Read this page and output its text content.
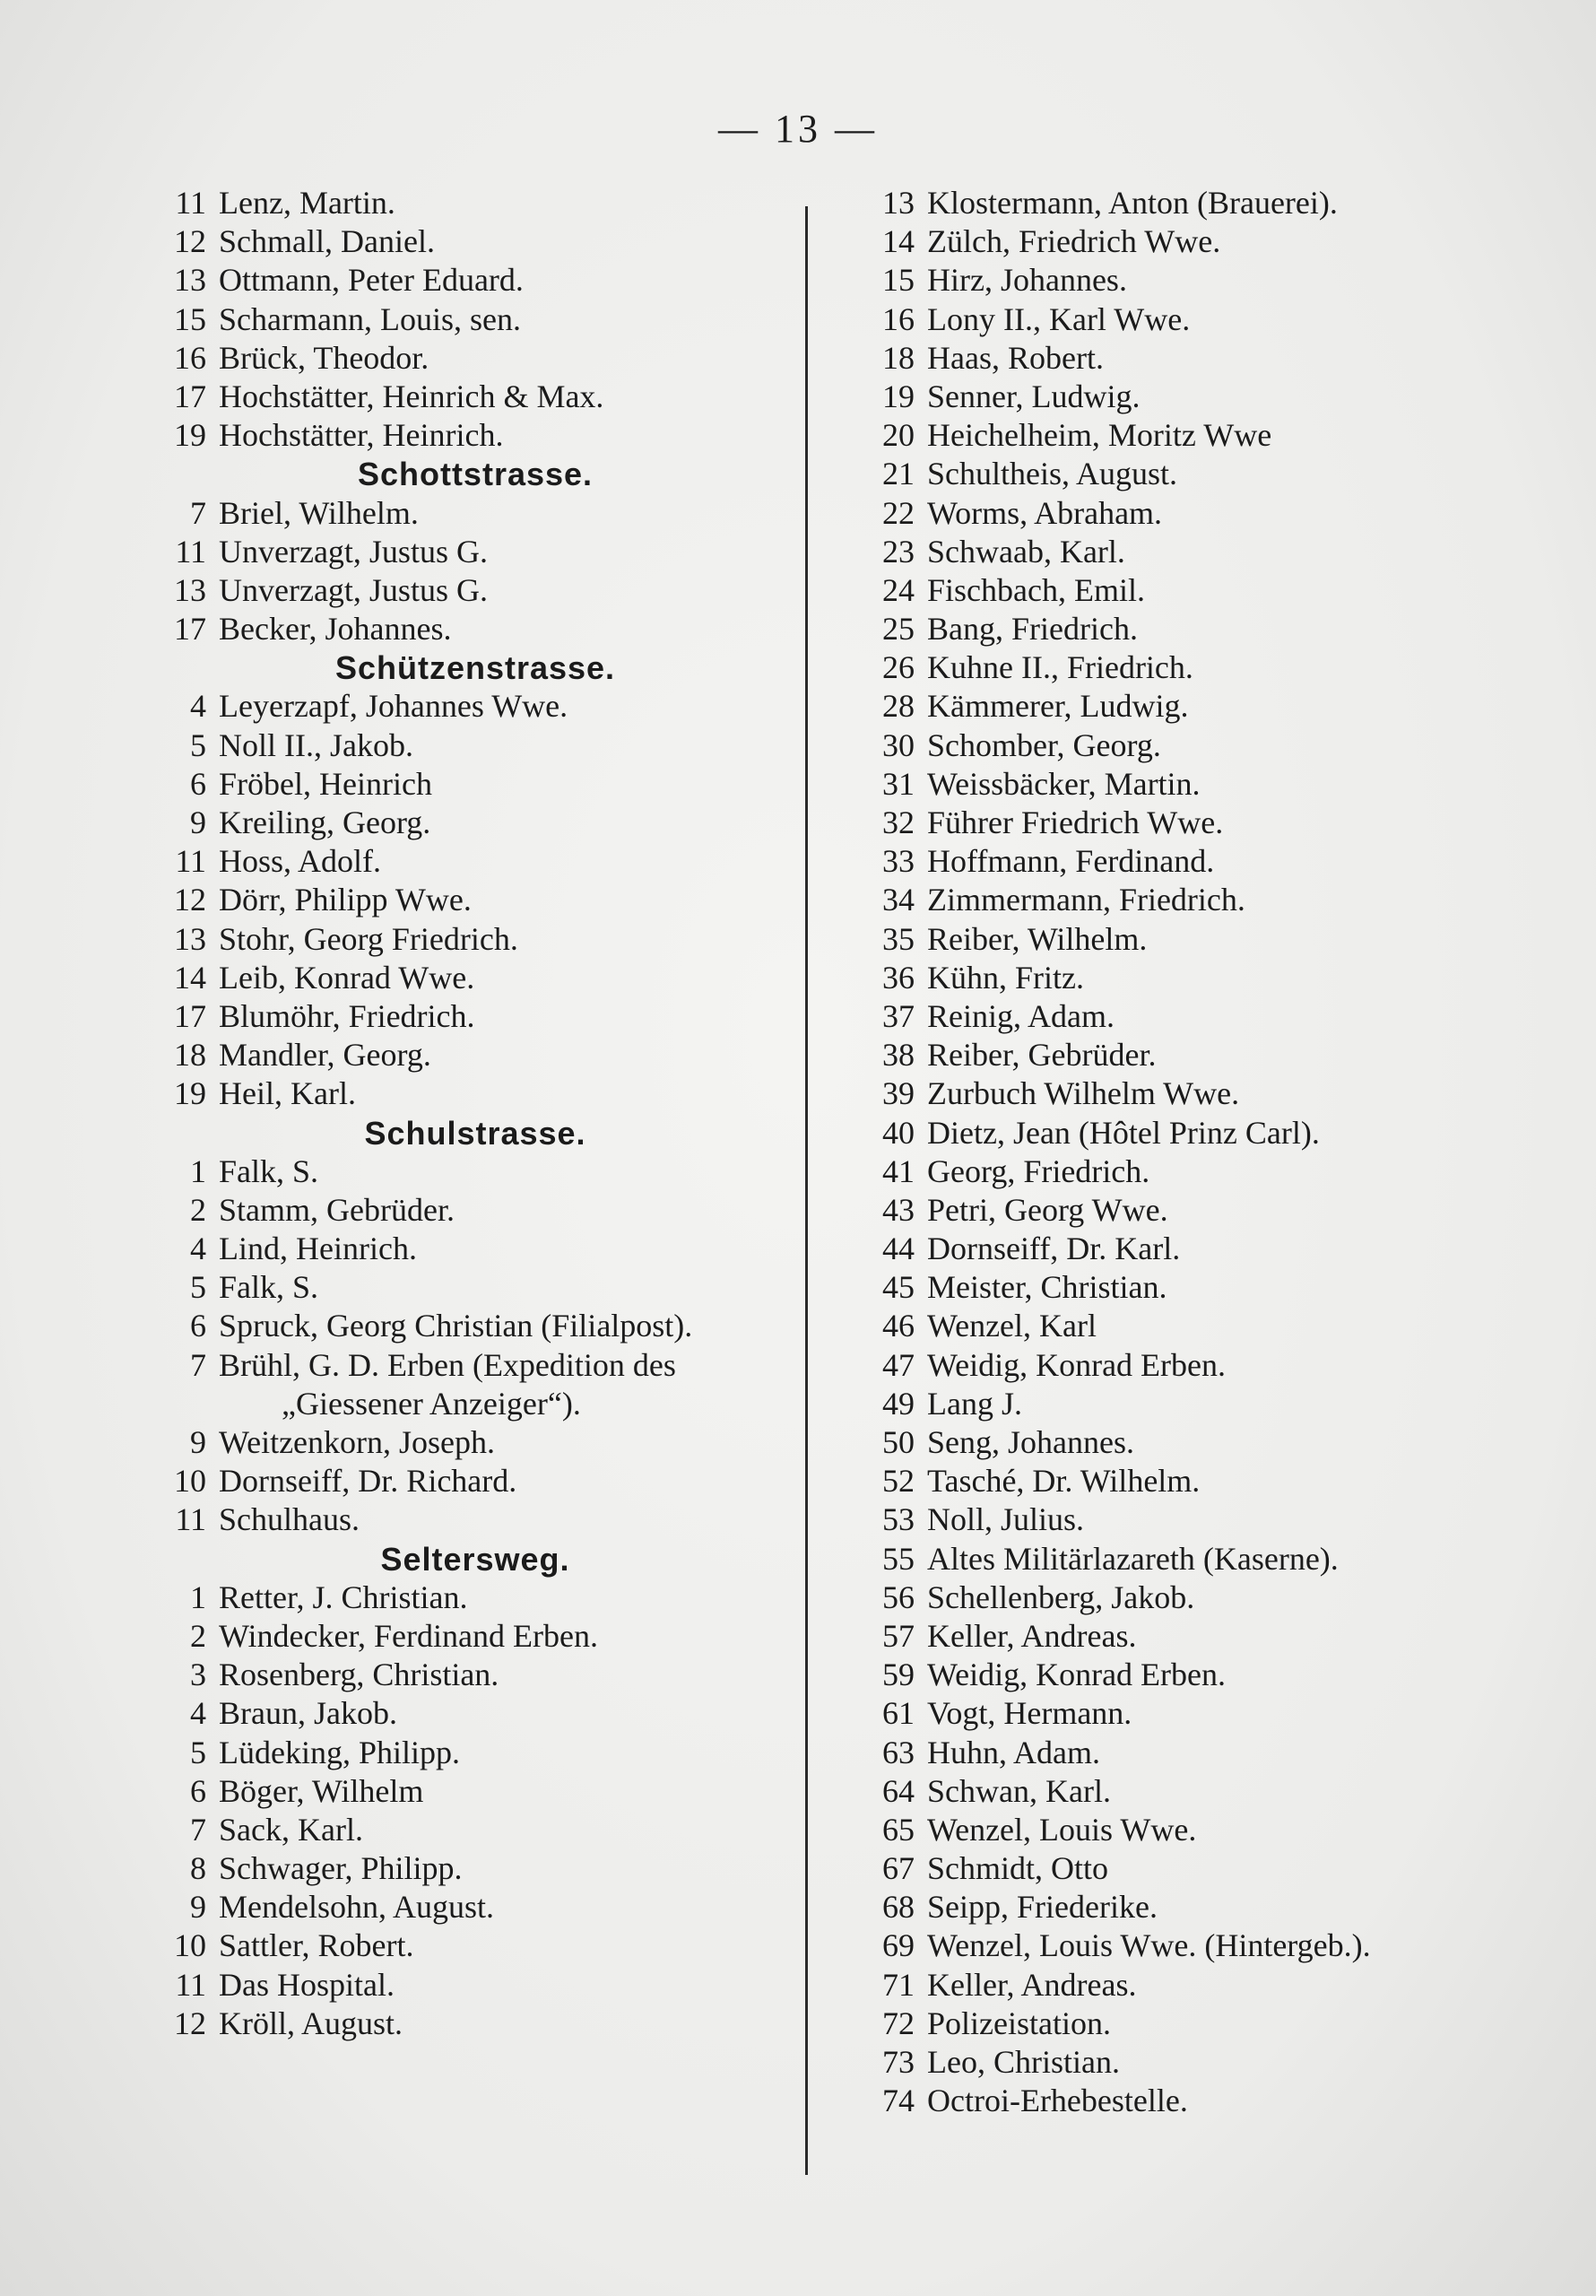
— 13 —
11 Lenz, Martin.
12 Schmall, Daniel.
13 Ottmann, Peter Eduard.
15 Scharmann, Louis, sen.
16 Brück, Theodor.
17 Hochstätter, Heinrich & Max.
19 Hochstätter, Heinrich.
Schottstrasse.
7 Briel, Wilhelm.
11 Unverzagt, Justus G.
13 Unverzagt, Justus G.
17 Becker, Johannes.
Schützenstrasse.
4 Leyerzapf, Johannes Wwe.
5 Noll II., Jakob.
6 Fröbel, Heinrich
9 Kreiling, Georg.
11 Hoss, Adolf.
12 Dörr, Philipp Wwe.
13 Stohr, Georg Friedrich.
14 Leib, Konrad Wwe.
17 Blumöhr, Friedrich.
18 Mandler, Georg.
19 Heil, Karl.
Schulstrasse.
1 Falk, S.
2 Stamm, Gebrüder.
4 Lind, Heinrich.
5 Falk, S.
6 Spruck, Georg Christian (Filialpost).
7 Brühl, G. D. Erben (Expedition des
„Giessener Anzeiger“).
9 Weitzenkorn, Joseph.
10 Dornseiff, Dr. Richard.
11 Schulhaus.
Seltersweg.
1 Retter, J. Christian.
2 Windecker, Ferdinand Erben.
3 Rosenberg, Christian.
4 Braun, Jakob.
5 Lüdeking, Philipp.
6 Böger, Wilhelm
7 Sack, Karl.
8 Schwager, Philipp.
9 Mendelsohn, August.
10 Sattler, Robert.
11 Das Hospital.
12 Kröll, August.
13 Klostermann, Anton (Brauerei).
14 Zülch, Friedrich Wwe.
15 Hirz, Johannes.
16 Lony II., Karl Wwe.
18 Haas, Robert.
19 Senner, Ludwig.
20 Heichelheim, Moritz Wwe
21 Schultheis, August.
22 Worms, Abraham.
23 Schwaab, Karl.
24 Fischbach, Emil.
25 Bang, Friedrich.
26 Kuhne II., Friedrich.
28 Kämmerer, Ludwig.
30 Schomber, Georg.
31 Weissbäcker, Martin.
32 Führer Friedrich Wwe.
33 Hoffmann, Ferdinand.
34 Zimmermann, Friedrich.
35 Reiber, Wilhelm.
36 Kühn, Fritz.
37 Reinig, Adam.
38 Reiber, Gebrüder.
39 Zurbuch Wilhelm Wwe.
40 Dietz, Jean (Hôtel Prinz Carl).
41 Georg, Friedrich.
43 Petri, Georg Wwe.
44 Dornseiff, Dr. Karl.
45 Meister, Christian.
46 Wenzel, Karl
47 Weidig, Konrad Erben.
49 Lang J.
50 Seng, Johannes.
52 Tasché, Dr. Wilhelm.
53 Noll, Julius.
55 Altes Militärlazareth (Kaserne).
56 Schellenberg, Jakob.
57 Keller, Andreas.
59 Weidig, Konrad Erben.
61 Vogt, Hermann.
63 Huhn, Adam.
64 Schwan, Karl.
65 Wenzel, Louis Wwe.
67 Schmidt, Otto
68 Seipp, Friederike.
69 Wenzel, Louis Wwe. (Hintergeb.).
71 Keller, Andreas.
72 Polizeistation.
73 Leo, Christian.
74 Octroi-Erhebestelle.
